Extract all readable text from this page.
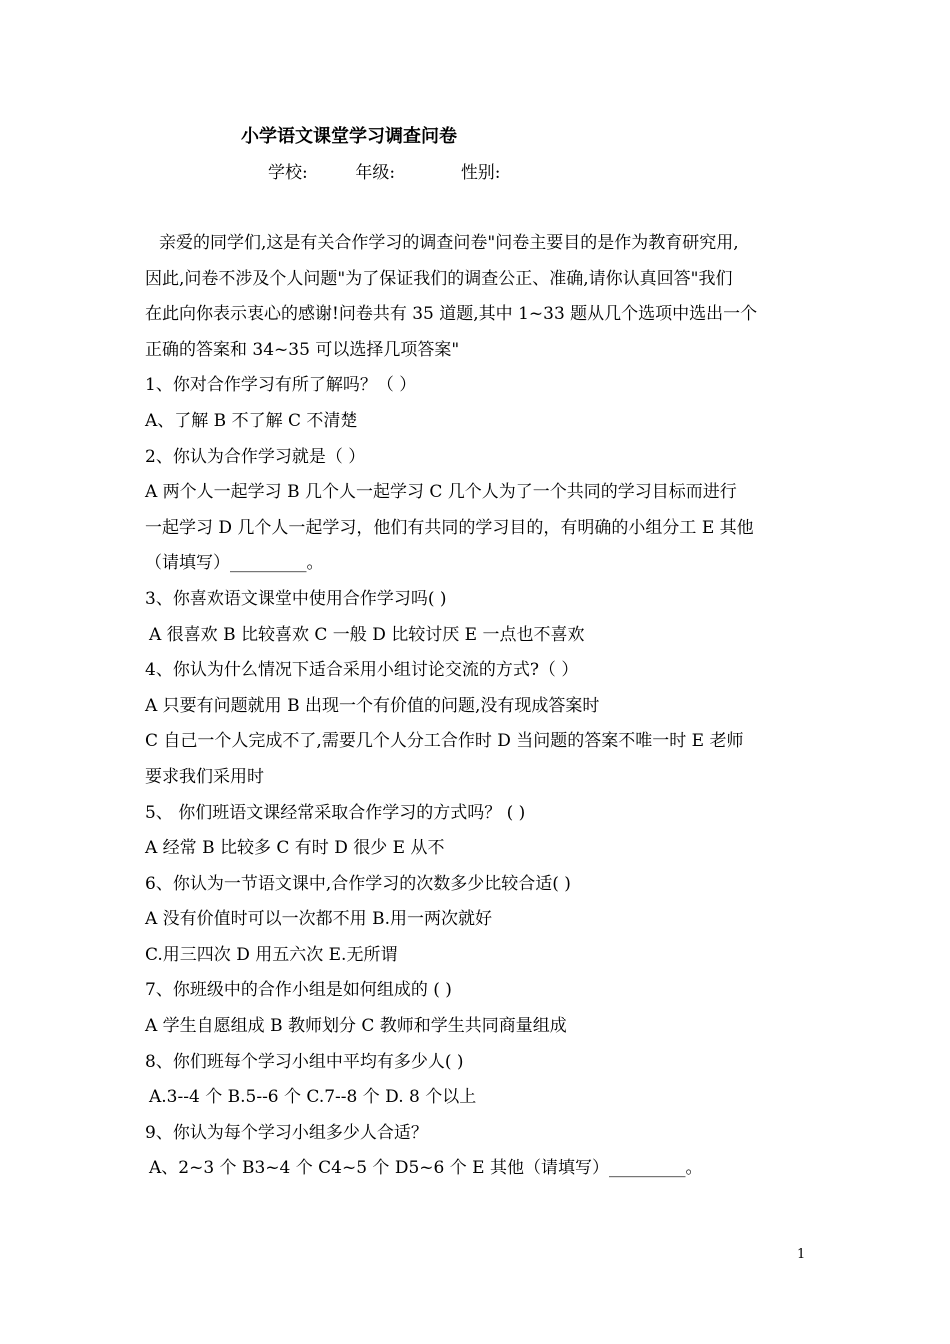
小学语文课堂学习调查问卷
学校:	年级:	性别:
亲爱的同学们,这是有关合作学习的调查问卷"问卷主要目的是作为教育研究用,
因此,问卷不涉及个人问题"为了保证我们的调查公正、准确,请你认真回答"我们
在此向你表示衷心的感谢!问卷共有 35 道题,其中 1~33 题从几个选项中选出一个
正确的答案和 34~35 可以选择几项答案"
1、你对合作学习有所了解吗？（ ）
A、了解 B 不了解 C 不清楚
2、你认为合作学习就是（ ）
A 两个人一起学习 B 几个人一起学习 C 几个人为了一个共同的学习目标而进行
一起学习 D 几个人一起学习，他们有共同的学习目的，有明确的小组分工 E 其他
（请填写）_________。
3、你喜欢语文课堂中使用合作学习吗( )
A 很喜欢 B 比较喜欢 C 一般 D 比较讨厌 E 一点也不喜欢
4、你认为什么情况下适合采用小组讨论交流的方式?（ ）
A 只要有问题就用 B 出现一个有价值的问题,没有现成答案时
C 自己一个人完成不了,需要几个人分工合作时 D 当问题的答案不唯一时 E 老师
要求我们采用时
5、 你们班语文课经常采取合作学习的方式吗？ ( )
A 经常 B 比较多 C 有时 D 很少 E 从不
6、你认为一节语文课中,合作学习的次数多少比较合适( )
A 没有价值时可以一次都不用 B.用一两次就好
C.用三四次 D 用五六次 E.无所谓
7、你班级中的合作小组是如何组成的 ( )
A 学生自愿组成 B 教师划分 C 教师和学生共同商量组成
8、你们班每个学习小组中平均有多少人( )
A.3--4 个 B.5--6 个 C.7--8 个 D. 8 个以上
9、你认为每个学习小组多少人合适？
A、2~3 个 B3~4 个 C4~5 个 D5~6 个 E 其他（请填写）_________。
1
